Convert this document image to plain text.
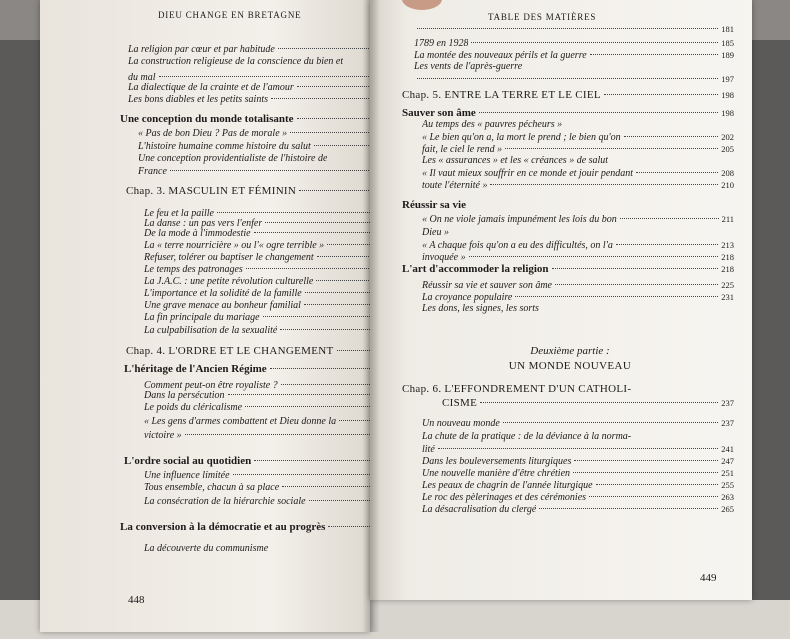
DIEU CHANGE EN BRETAGNE
La religion par cœur et par habitude
La construction religieuse de la conscience du bien et
du mal
La dialectique de la crainte et de l'amour
Les bons diables et les petits saints
Une conception du monde totalisante
« Pas de bon Dieu ? Pas de morale »
L'histoire humaine comme histoire du salut
Une conception providentialiste de l'histoire de
France
Chap. 3. MASCULIN ET FÉMININ
Le feu et la paille
La danse : un pas vers l'enfer
De la mode à l'immodestie
La « terre nourricière » ou l'« ogre terrible »
Refuser, tolérer ou baptiser le changement
Le temps des patronages
La J.A.C. : une petite révolution culturelle
L'importance et la solidité de la famille
Une grave menace au bonheur familial
La fin principale du mariage
La culpabilisation de la sexualité
Chap. 4. L'ORDRE ET LE CHANGEMENT
L'héritage de l'Ancien Régime
Comment peut-on être royaliste ?
Dans la persécution
Le poids du cléricalisme
« Les gens d'armes combattent et Dieu donne la
victoire »
L'ordre social au quotidien
Une influence limitée
Tous ensemble, chacun à sa place
La consécration de la hiérarchie sociale
La conversion à la démocratie et au progrès
La découverte du communisme
448
TABLE DES MATIÈRES
181
1789 en 1928	185
La montée des nouveaux périls et la guerre	189
Les vents de l'après-guerre
197
Chap. 5. ENTRE LA TERRE ET LE CIEL	198
Sauver son âme	198
Au temps des « pauvres pécheurs »
« Le bien qu'on a, la mort le prend ; le bien qu'on	202
fait, le ciel le rend »	205
Les « assurances » et les « créances » de salut
« Il vaut mieux souffrir en ce monde et jouir pendant	208
toute l'éternité »	210
Réussir sa vie
« On ne viole jamais impunément les lois du bon	211
Dieu »
« A chaque fois qu'on a eu des difficultés, on l'a	213
invoquée »	218
L'art d'accommoder la religion	218
Réussir sa vie et sauver son âme	225
La croyance populaire	231
Les dons, les signes, les sorts
Chap. 6. L'EFFONDREMENT D'UN CATHOLI-
CISME	237
Un nouveau monde	237
La chute de la pratique : de la déviance à la norma-
lité	241
Dans les bouleversements liturgiques	247
Une nouvelle manière d'être chrétien	251
Les peaux de chagrin de l'année liturgique	255
Le roc des pèlerinages et des cérémonies	263
La désacralisation du clergé	265
Deuxième partie :
UN MONDE NOUVEAU
449
